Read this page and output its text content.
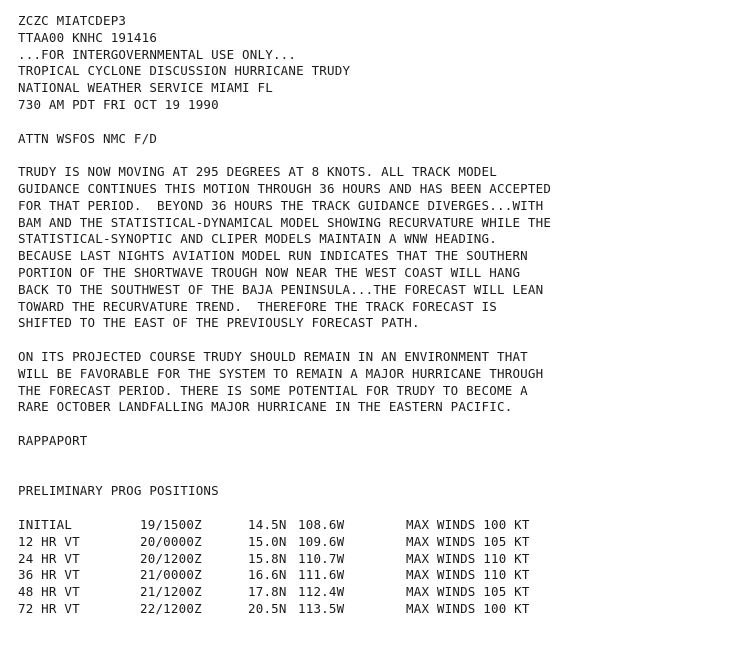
ZCZC MIATCDEP3
TTAA00 KNHC 191416
...FOR INTERGOVERNMENTAL USE ONLY...
TROPICAL CYCLONE DISCUSSION HURRICANE TRUDY
NATIONAL WEATHER SERVICE MIAMI FL
730 AM PDT FRI OCT 19 1990
ATTN WSFOS NMC F/D
TRUDY IS NOW MOVING AT 295 DEGREES AT 8 KNOTS. ALL TRACK MODEL
GUIDANCE CONTINUES THIS MOTION THROUGH 36 HOURS AND HAS BEEN ACCEPTED
FOR THAT PERIOD.  BEYOND 36 HOURS THE TRACK GUIDANCE DIVERGES...WITH
BAM AND THE STATISTICAL-DYNAMICAL MODEL SHOWING RECURVATURE WHILE THE
STATISTICAL-SYNOPTIC AND CLIPER MODELS MAINTAIN A WNW HEADING.
BECAUSE LAST NIGHTS AVIATION MODEL RUN INDICATES THAT THE SOUTHERN
PORTION OF THE SHORTWAVE TROUGH NOW NEAR THE WEST COAST WILL HANG
BACK TO THE SOUTHWEST OF THE BAJA PENINSULA...THE FORECAST WILL LEAN
TOWARD THE RECURVATURE TREND.  THEREFORE THE TRACK FORECAST IS
SHIFTED TO THE EAST OF THE PREVIOUSLY FORECAST PATH.
ON ITS PROJECTED COURSE TRUDY SHOULD REMAIN IN AN ENVIRONMENT THAT
WILL BE FAVORABLE FOR THE SYSTEM TO REMAIN A MAJOR HURRICANE THROUGH
THE FORECAST PERIOD. THERE IS SOME POTENTIAL FOR TRUDY TO BECOME A
RARE OCTOBER LANDFALLING MAJOR HURRICANE IN THE EASTERN PACIFIC.
RAPPAPORT
PRELIMINARY PROG POSITIONS
INITIAL	19/1500Z	14.5N	108.6W	MAX WINDS 100 KT
12 HR VT	20/0000Z	15.0N	109.6W	MAX WINDS 105 KT
24 HR VT	20/1200Z	15.8N	110.7W	MAX WINDS 110 KT
36 HR VT	21/0000Z	16.6N	111.6W	MAX WINDS 110 KT
48 HR VT	21/1200Z	17.8N	112.4W	MAX WINDS 105 KT
72 HR VT	22/1200Z	20.5N	113.5W	MAX WINDS 100 KT
